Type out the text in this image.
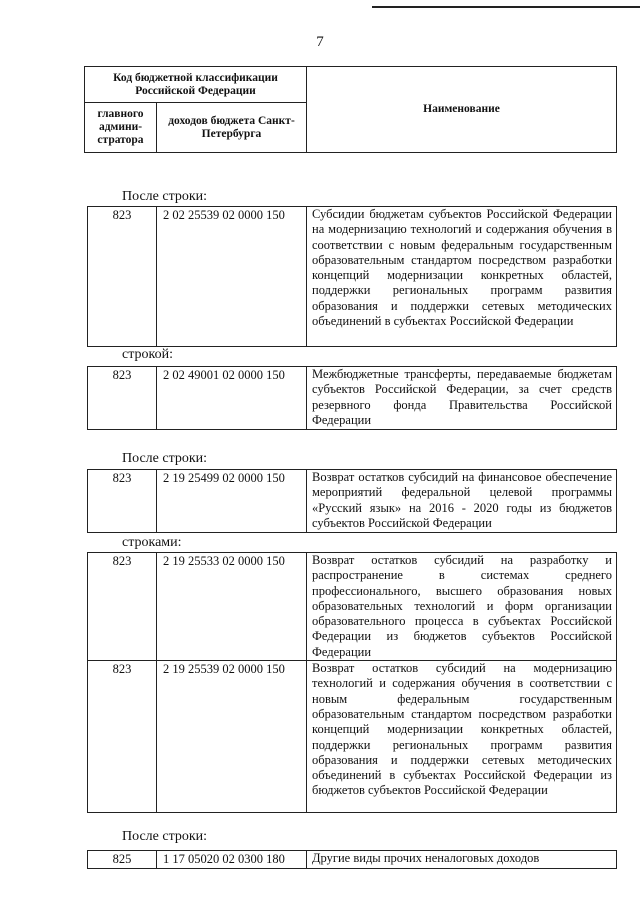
7
Код бюджетной классификации Российской Федерации		Наименование
главного админи-стратора	доходов бюджета Санкт-Петербурга	
После строки:
823	2 02 25539 02 0000 150	Субсидии бюджетам субъектов Российской Федерации на модернизацию технологий и содержания обучения в соответствии с новым федеральным государственным образовательным стандартом посредством разработки концепций модернизации конкретных областей, поддержки региональных программ развития образования и поддержки сетевых методических объединений в субъектах Российской Федерации
строкой:
823	2 02 49001 02 0000 150	Межбюджетные трансферты, передаваемые бюджетам субъектов Российской Федерации, за счет средств резервного фонда Правительства Российской Федерации
После строки:
823	2 19 25499 02 0000 150	Возврат остатков субсидий на финансовое обеспечение мероприятий федеральной целевой программы «Русский язык» на 2016 - 2020 годы из бюджетов субъектов Российской Федерации
строками:
823	2 19 25533 02 0000 150	Возврат остатков субсидий на разработку и распространение в системах среднего профессионального, высшего образования новых образовательных технологий и форм организации образовательного процесса в субъектах Российской Федерации из бюджетов субъектов Российской Федерации
823	2 19 25539 02 0000 150	Возврат остатков субсидий на модернизацию технологий и содержания обучения в соответствии с новым федеральным государственным образовательным стандартом посредством разработки концепций модернизации конкретных областей, поддержки региональных программ развития образования и поддержки сетевых методических объединений в субъектах Российской Федерации из бюджетов субъектов Российской Федерации
После строки:
825	1 17 05020 02 0300 180	Другие виды прочих неналоговых доходов
